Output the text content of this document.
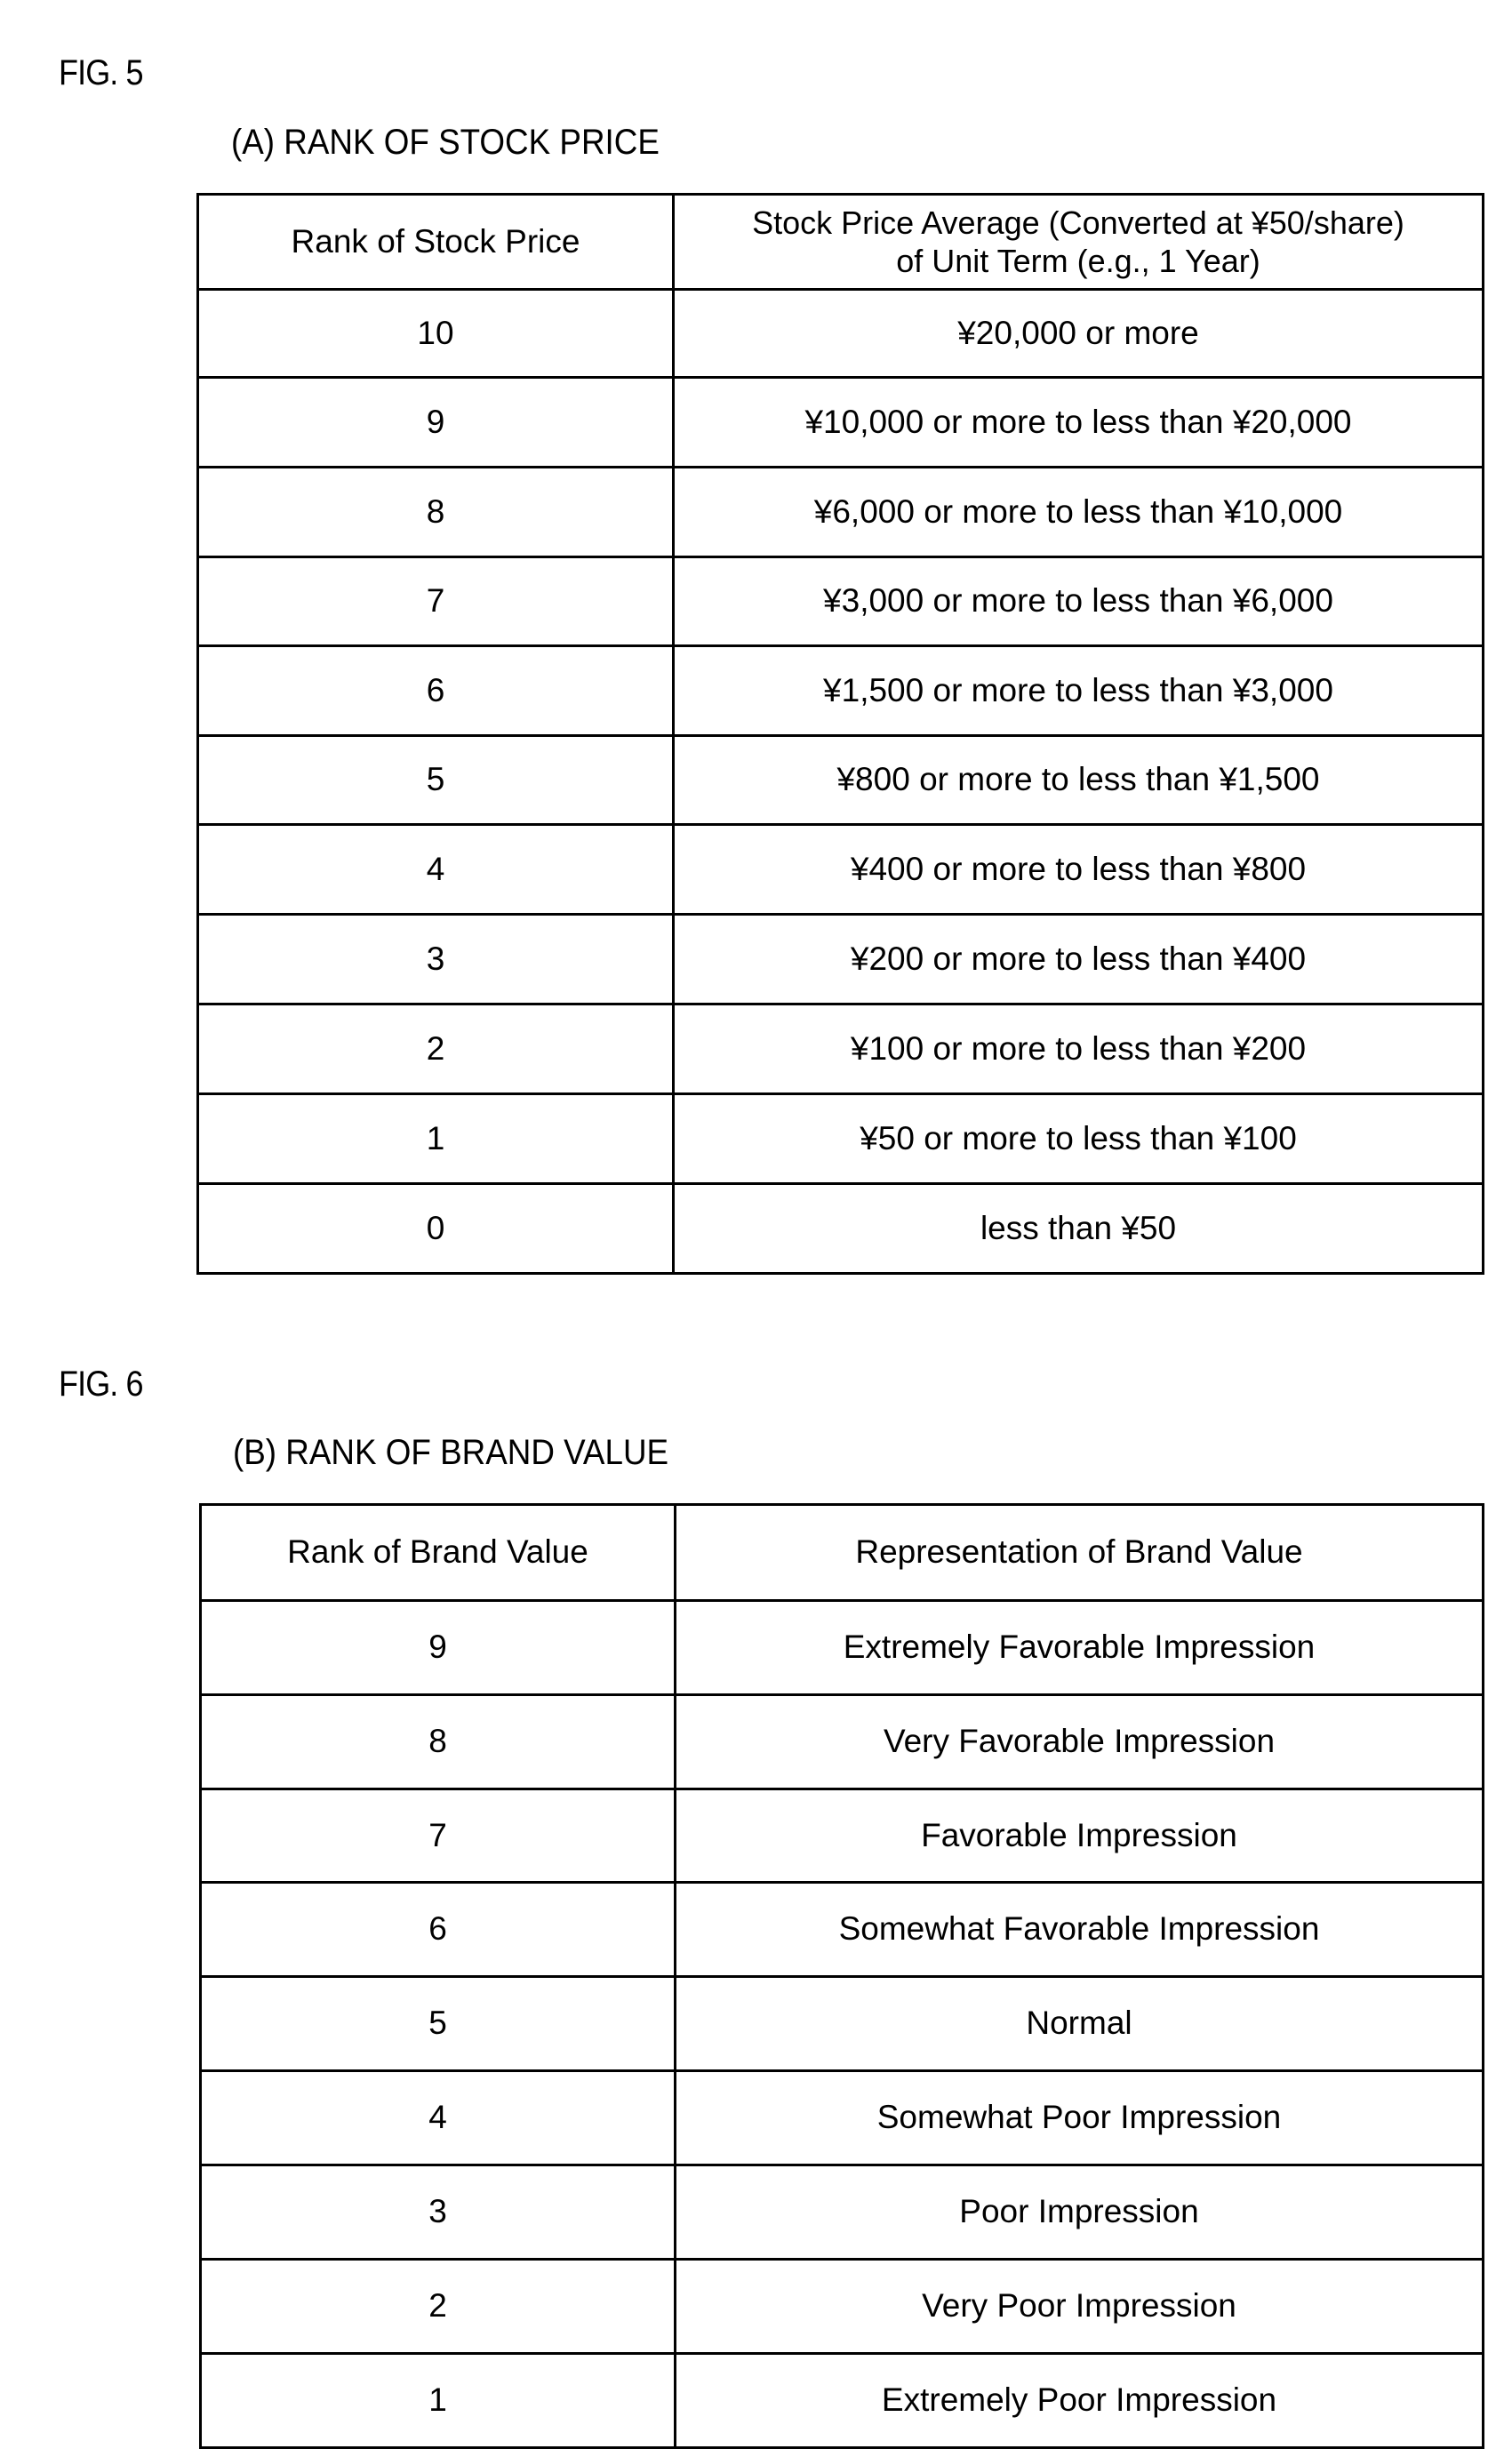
FIG. 5
(A) RANK OF STOCK PRICE
Rank of Stock Price	Stock Price Average (Converted at ¥50/share)
of Unit Term (e.g., 1 Year)

10	¥20,000 or more
9	¥10,000 or more to less than ¥20,000
8	¥6,000 or more to less than ¥10,000
7	¥3,000 or more to less than ¥6,000
6	¥1,500 or more to less than ¥3,000
5	¥800 or more to less than ¥1,500
4	¥400 or more to less than ¥800
3	¥200 or more to less than ¥400
2	¥100 or more to less than ¥200
1	¥50 or more to less than ¥100
0	less than ¥50
FIG. 6
(B) RANK OF BRAND VALUE
Rank of Brand Value	Representation of Brand Value
9	Extremely Favorable Impression
8	Very Favorable Impression
7	Favorable Impression
6	Somewhat Favorable Impression
5	Normal
4	Somewhat Poor Impression
3	Poor Impression
2	Very Poor Impression
1	Extremely Poor Impression
